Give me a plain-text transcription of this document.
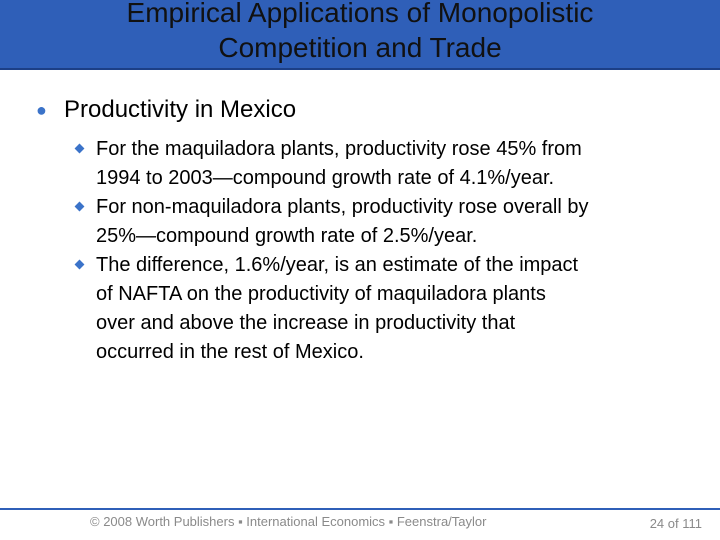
Empirical Applications of Monopolistic
Competition and Trade
● Productivity in Mexico
For the maquiladora plants, productivity rose 45% from
1994 to 2003—compound growth rate of 4.1%/year.
For non-maquiladora plants, productivity rose overall by
25%—compound growth rate of 2.5%/year.
The difference, 1.6%/year, is an estimate of the impact
of NAFTA on the productivity of maquiladora plants
over and above the increase in productivity that
occurred in the rest of Mexico.
© 2008 Worth Publishers ▪ International Economics ▪ Feenstra/Taylor	24 of 111
